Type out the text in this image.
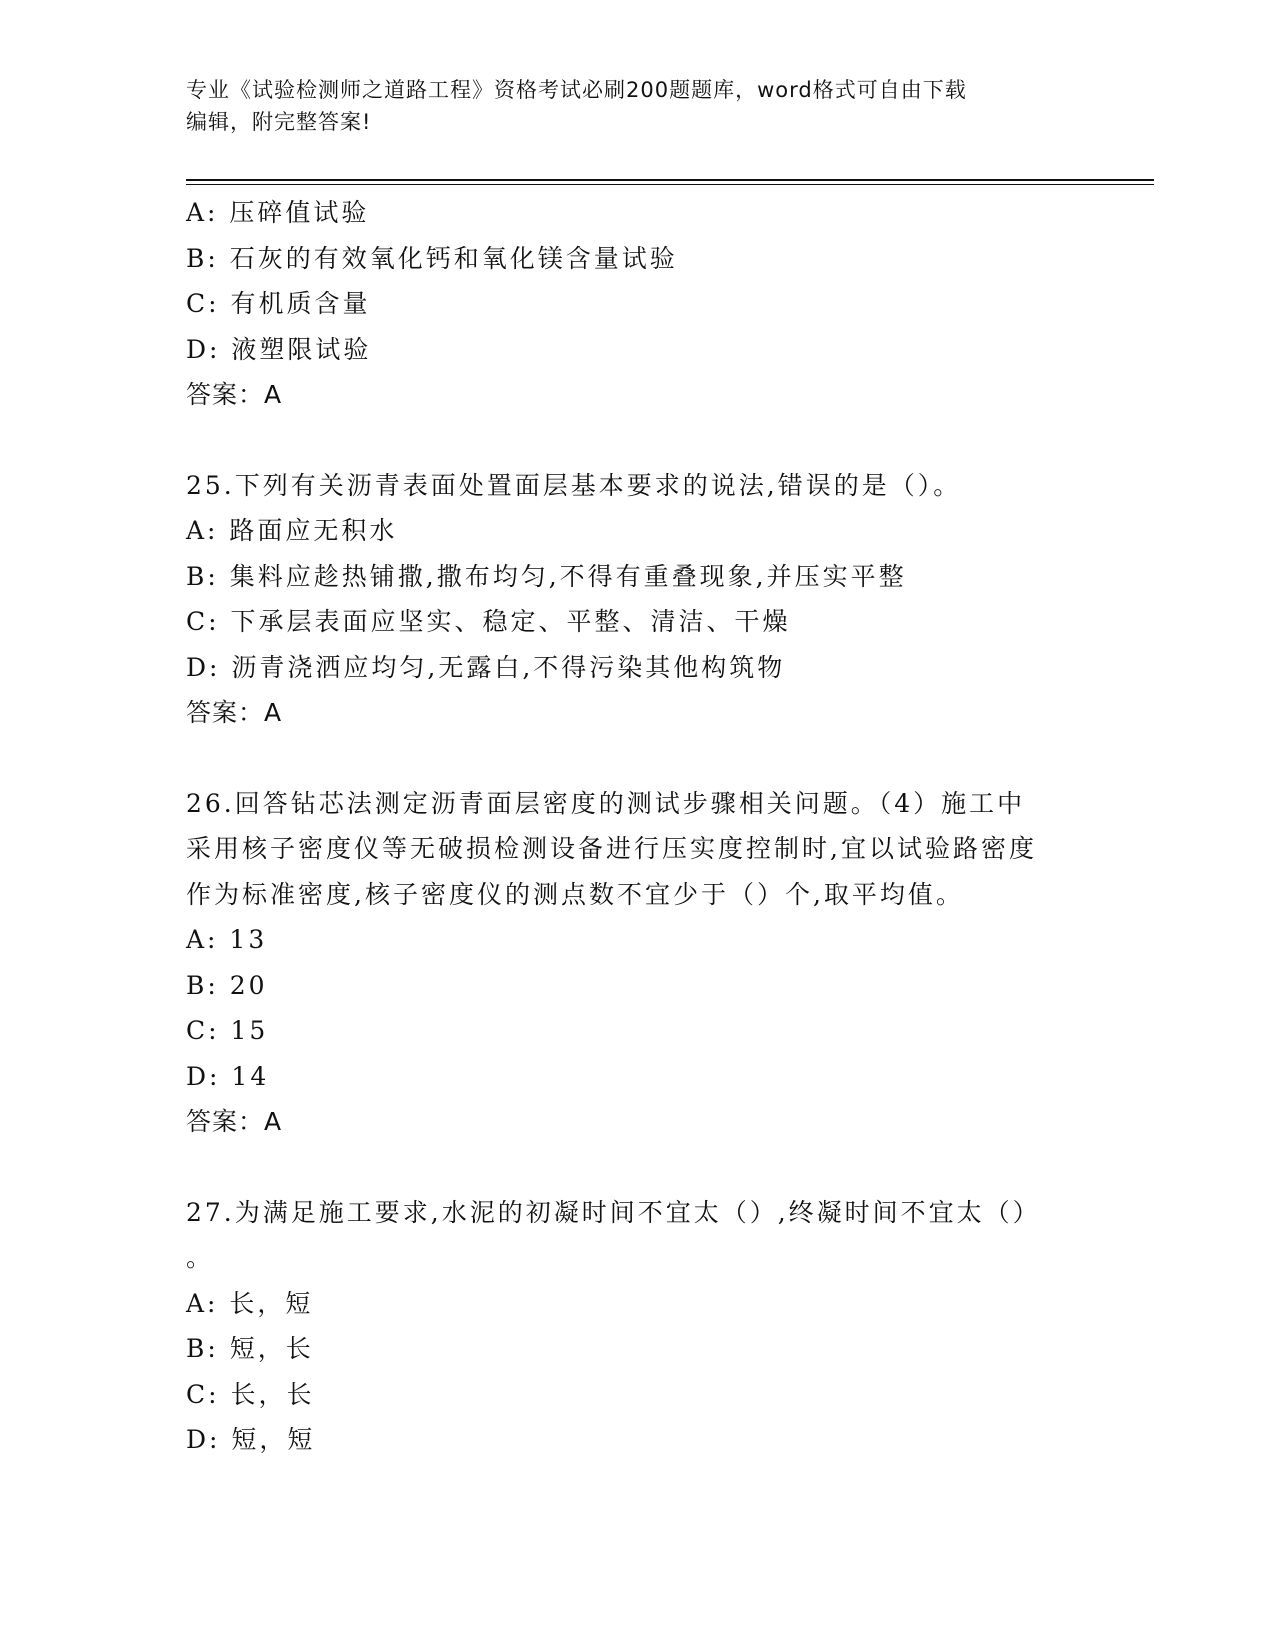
专业《试验检测师之道路工程》资格考试必刷200题题库，word格式可自由下载
编辑，附完整答案!
A: 压碎值试验
B: 石灰的有效氧化钙和氧化镁含量试验
C: 有机质含量
D: 液塑限试验
答案：A
25.下列有关沥青表面处置面层基本要求的说法,错误的是（）。
A: 路面应无积水
B: 集料应趁热铺撒,撒布均匀,不得有重叠现象,并压实平整
C: 下承层表面应坚实、稳定、平整、清洁、干燥
D: 沥青浇洒应均匀,无露白,不得污染其他构筑物
答案：A
26.回答钻芯法测定沥青面层密度的测试步骤相关问题。（4）施工中
采用核子密度仪等无破损检测设备进行压实度控制时,宜以试验路密度
作为标准密度,核子密度仪的测点数不宜少于（）个,取平均值。
A: 13
B: 20
C: 15
D: 14
答案：A
27.为满足施工要求,水泥的初凝时间不宜太（）,终凝时间不宜太（）
。
A: 长，短
B: 短，长
C: 长，长
D: 短，短
